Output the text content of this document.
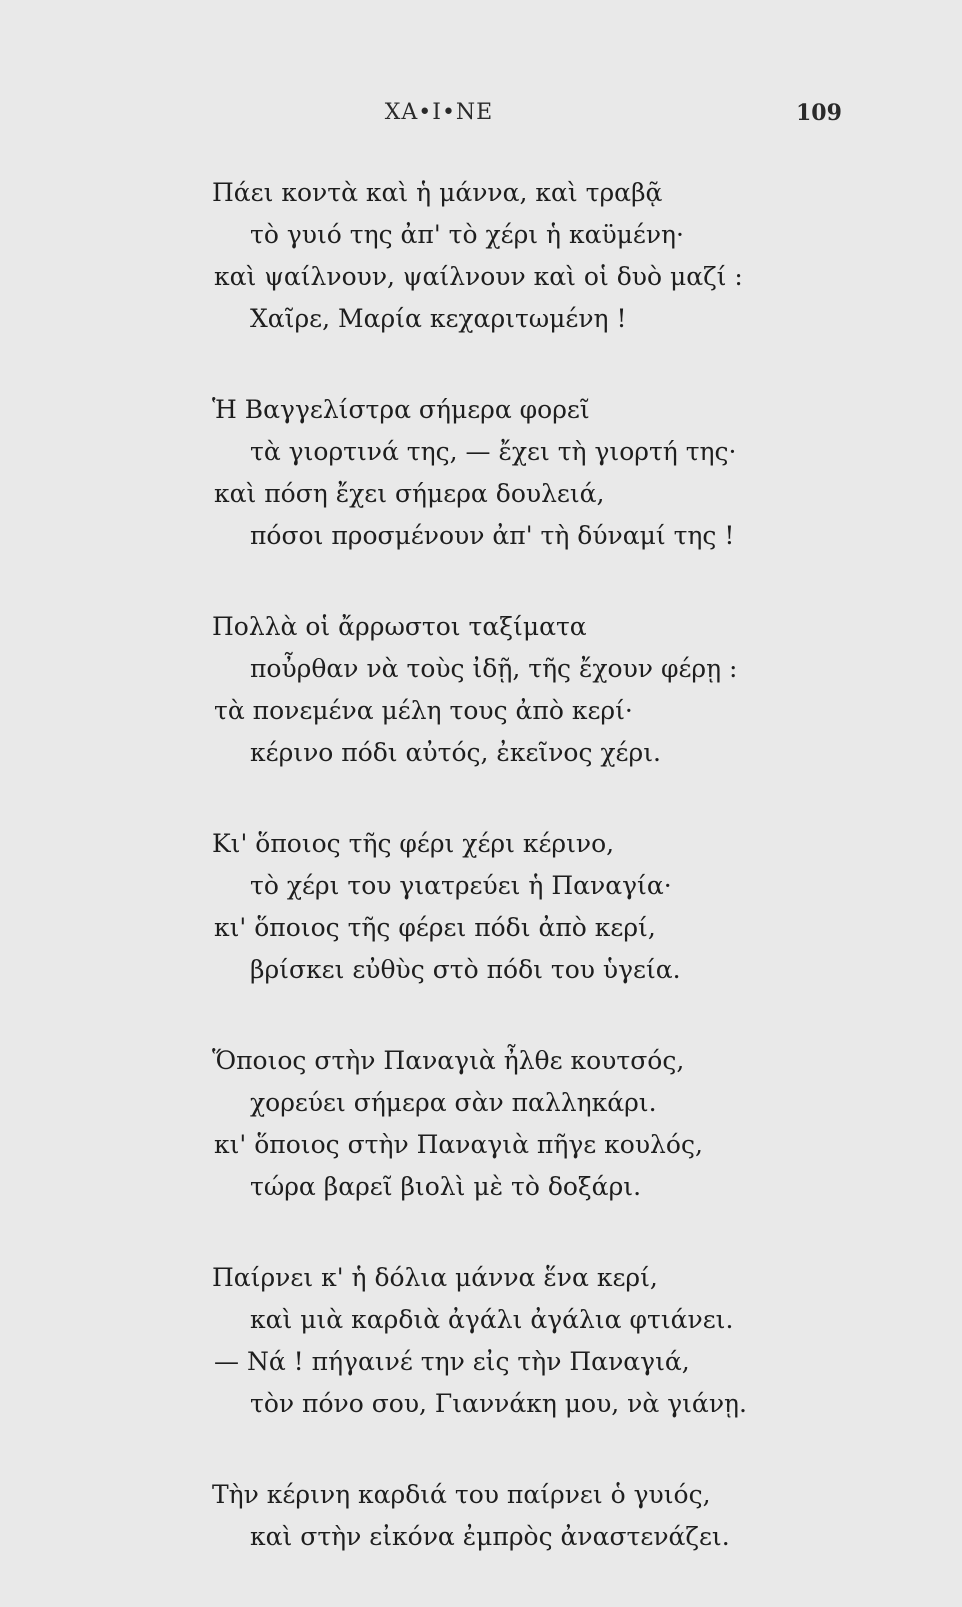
ΧΑ•Ι•ΝΕ	109
Πάει κοντὰ καὶ ἡ μάννα, καὶ τραβᾷ
τὸ γυιό της ἀπ' τὸ χέρι ἡ καϋμένη·
καὶ ψαίλνουν, ψαίλνουν καὶ οἱ δυὸ μαζί :
Χαῖρε, Μαρία κεχαριτωμένη !
Ἡ Βαγγελίστρα σήμερα φορεῖ
τὰ γιορτινά της, — ἔχει τὴ γιορτή της·
καὶ πόση ἔχει σήμερα δουλειά,
πόσοι προσμένουν ἀπ' τὴ δύναμί της !
Πολλὰ οἱ ἄρρωστοι ταξίματα
ποὖρθαν νὰ τοὺς ἰδῇ, τῆς ἔχουν φέρῃ :
τὰ πονεμένα μέλη τους ἀπὸ κερί·
κέρινο πόδι αὐτός, ἐκεῖνος χέρι.
Κι' ὅποιος τῆς φέρι χέρι κέρινο,
τὸ χέρι του γιατρεύει ἡ Παναγία·
κι' ὅποιος τῆς φέρει πόδι ἀπὸ κερί,
βρίσκει εὐθὺς στὸ πόδι του ὑγεία.
Ὅποιος στὴν Παναγιὰ ἦλθε κουτσός,
χορεύει σήμερα σὰν παλληκάρι.
κι' ὅποιος στὴν Παναγιὰ πῆγε κουλός,
τώρα βαρεῖ βιολὶ μὲ τὸ δοξάρι.
Παίρνει κ' ἡ δόλια μάννα ἕνα κερί,
καὶ μιὰ καρδιὰ ἀγάλι ἀγάλια φτιάνει.
— Νά ! πήγαινέ την εἰς τὴν Παναγιά,
τὸν πόνο σου, Γιαννάκη μου, νὰ γιάνῃ.
Τὴν κέρινη καρδιά του παίρνει ὁ γυιός,
καὶ στὴν εἰκόνα ἐμπρὸς ἀναστενάζει.
